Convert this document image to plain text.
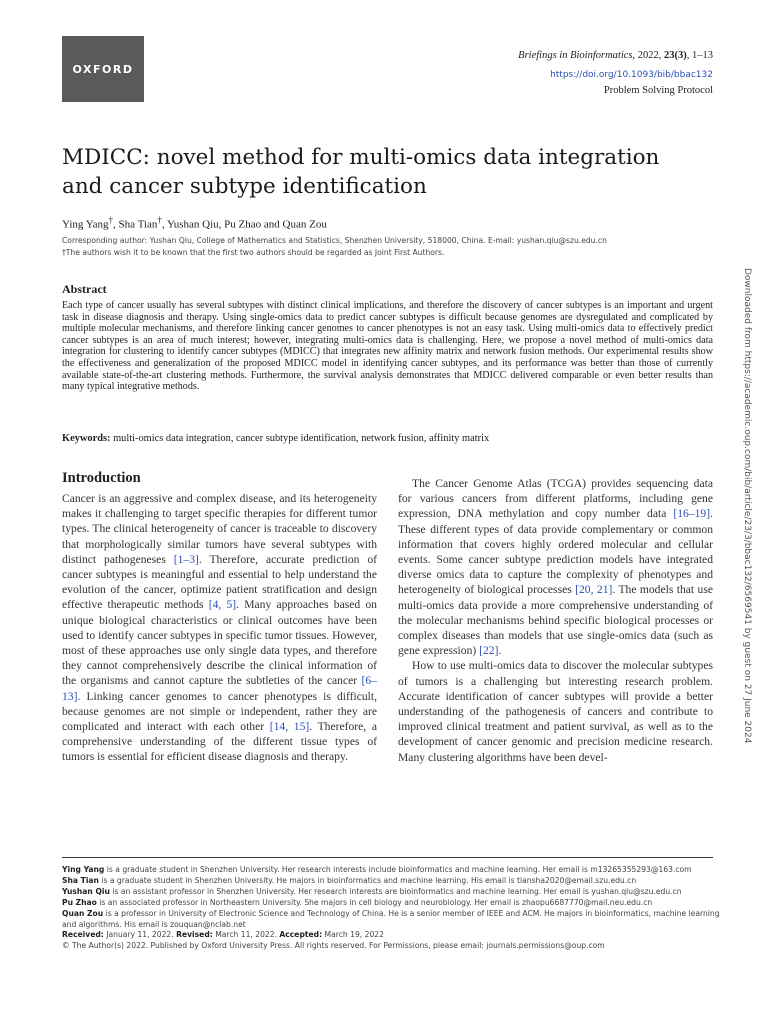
OXFORD
Briefings in Bioinformatics, 2022, 23(3), 1–13
https://doi.org/10.1093/bib/bbac132
Problem Solving Protocol
MDICC: novel method for multi-omics data integration
and cancer subtype identification
Ying Yang†, Sha Tian†, Yushan Qiu, Pu Zhao and Quan Zou
Corresponding author: Yushan Qiu, College of Mathematics and Statistics, Shenzhen University, 518000, China. E-mail: yushan.qiu@szu.edu.cn
†The authors wish it to be known that the first two authors should be regarded as Joint First Authors.
Abstract

Each type of cancer usually has several subtypes with distinct clinical implications, and therefore the discovery of cancer subtypes is an important and urgent task in disease diagnosis and therapy. Using single-omics data to predict cancer subtypes is difficult because genomes are dysregulated and complicated by multiple molecular mechanisms, and therefore linking cancer genomes to cancer phenotypes is not an easy task. Using multi-omics data to effectively predict cancer subtypes is an area of much interest; however, integrating multi-omics data is challenging. Here, we propose a novel method of multi-omics data integration for clustering to identify cancer subtypes (MDICC) that integrates new affinity matrix and network fusion methods. Our experimental results show the effectiveness and generalization of the proposed MDICC model in identifying cancer subtypes, and its performance was better than those of currently available state-of-the-art clustering methods. Furthermore, the survival analysis demonstrates that MDICC delivered comparable or even better results than many typical integrative methods.

Keywords: multi-omics data integration, cancer subtype identification, network fusion, affinity matrix
Introduction

Cancer is an aggressive and complex disease, and its heterogeneity makes it challenging to target specific therapies for different tumor types. The clinical heterogeneity of cancer is traceable to discovery that morphologically similar tumors have several subtypes with distinct pathogeneses [1–3]. Therefore, accurate prediction of cancer subtypes is meaningful and essential to help understand the evolution of the cancer, optimize patient stratification and design effective therapeutic methods [4, 5]. Many approaches based on unique biological characteristics or clinical outcomes have been used to identify cancer subtypes in specific tumor tissues. However, most of these approaches use only single data types, and therefore they cannot comprehensively describe the clinical information of the organisms and cannot capture the subtleties of the cancer [6–13]. Linking cancer genomes to cancer phenotypes is difficult, because genomes are not simple or independent, rather they are complicated and interact with each other [14, 15]. Therefore, a comprehensive understanding of the different tissue types of tumors is essential for efficient disease diagnosis and therapy.

The Cancer Genome Atlas (TCGA) provides sequencing data for various cancers from different platforms, including gene expression, DNA methylation and copy number data [16–19]. These different types of data provide complementary or common information that covers highly ordered molecular and cellular events. Some cancer subtype prediction models have integrated diverse omics data to capture the complexity of phenotypes and heterogeneity of biological processes [20, 21]. The models that use multi-omics data provide a more comprehensive understanding of the molecular mechanisms behind specific biological processes or complex diseases than models that use single-omics data (such as gene expression) [22].

How to use multi-omics data to discover the molecular subtypes of tumors is a challenging but interesting research problem. Accurate identification of cancer subtypes will provide a better understanding of the pathogenesis of cancers and contribute to improved clinical treatment and patient survival, as well as to the development of cancer genomic and precision medicine research. Many clustering algorithms have been devel-

Downloaded from https://academic.oup.com/bib/article/23/3/bbac132/6569541 by guest on 27 June 2024

Ying Yang is a graduate student in Shenzhen University. Her research interests include bioinformatics and machine learning. Her email is m13265355293@163.com

Sha Tian is a graduate student in Shenzhen University. He majors in bioinformatics and machine learning. His email is tiansha2020@email.szu.edu.cn

Yushan Qiu is an assistant professor in Shenzhen University. Her research interests are bioinformatics and machine learning. Her email is yushan.qiu@szu.edu.cn

Pu Zhao is an associated professor in Northeastern University. She majors in cell biology and neurobiology. Her email is zhaopu6687770@mail.neu.edu.cn

Quan Zou is a professor in University of Electronic Science and Technology of China. He is a senior member of IEEE and ACM. He majors in bioinformatics, machine learning and algorithms. His email is zouquan@nclab.net

Received: January 11, 2022. Revised: March 11, 2022. Accepted: March 19, 2022

© The Author(s) 2022. Published by Oxford University Press. All rights reserved. For Permissions, please email: journals.permissions@oup.com
